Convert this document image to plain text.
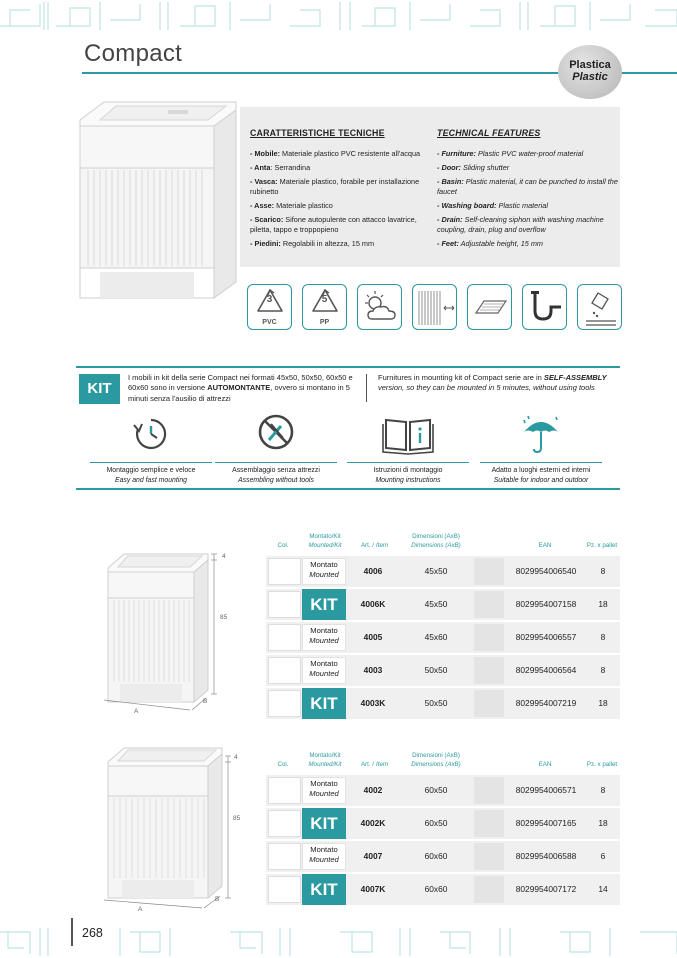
Compact	Plastica
Plastic
CARATTERISTICHE TECNICHE
- Mobile: Materiale plastico PVC resistente all'acqua
- Anta: Serrandina
- Vasca: Materiale plastico, forabile per installazione rubinetto
- Asse: Materiale plastico
- Scarico: Sifone autopulente con attacco lavatrice, piletta, tappo e troppopieno
- Piedini: Regolabili in altezza, 15 mm
TECHNICAL FEATURES
- Furniture: Plastic PVC water-proof material
- Door: Sliding shutter
- Basin: Plastic material, it can be punched to install the faucet
- Washing board: Plastic material
- Drain: Self-cleaning siphon with washing machine coupling, drain, plug and overflow
- Feet: Adjustable height, 15 mm
3
PVC
5
PP
KIT
I mobili in kit della serie Compact nei formati 45x50, 50x50, 60x50 e 60x60 sono in versione AUTOMONTANTE, ovvero si montano in 5 minuti senza l'ausilio di attrezzi
Furnitures in mounting kit of Compact serie are in SELF-ASSEMBLY version, so they can be mounted in 5 minutes, without using tools
Montaggio semplice e veloce
Easy and fast mounting
Assemblaggio senza attrezzi
Assembling without tools
Istruzioni di montaggio
Mounting instructions
Adatto a luoghi esterni ed interni
Suitable for indoor and outdoor
4
85
A
B
Col.
Montato/Kit
Mounted/Kit	Art. / Item
Dimensioni (AxB)
Dimensions (AxB)	EAN	Pz. x pallet
Montato
Mounted	4006	45x50	8029954006540	8
KIT	4006K	45x50	8029954007158	18
Montato
Mounted	4005	45x60	8029954006557	8
Montato
Mounted	4003	50x50	8029954006564	8
KIT	4003K	50x50	8029954007219	18
4
85
A
B
Col.
Montato/Kit
Mounted/Kit	Art. / Item
Dimensioni (AxB)
Dimensions (AxB)	EAN	Pz. x pallet
Montato
Mounted	4002	60x50	8029954006571	8
KIT	4002K	60x50	8029954007165	18
Montato
Mounted	4007	60x60	8029954006588	6
KIT	4007K	60x60	8029954007172	14
268
